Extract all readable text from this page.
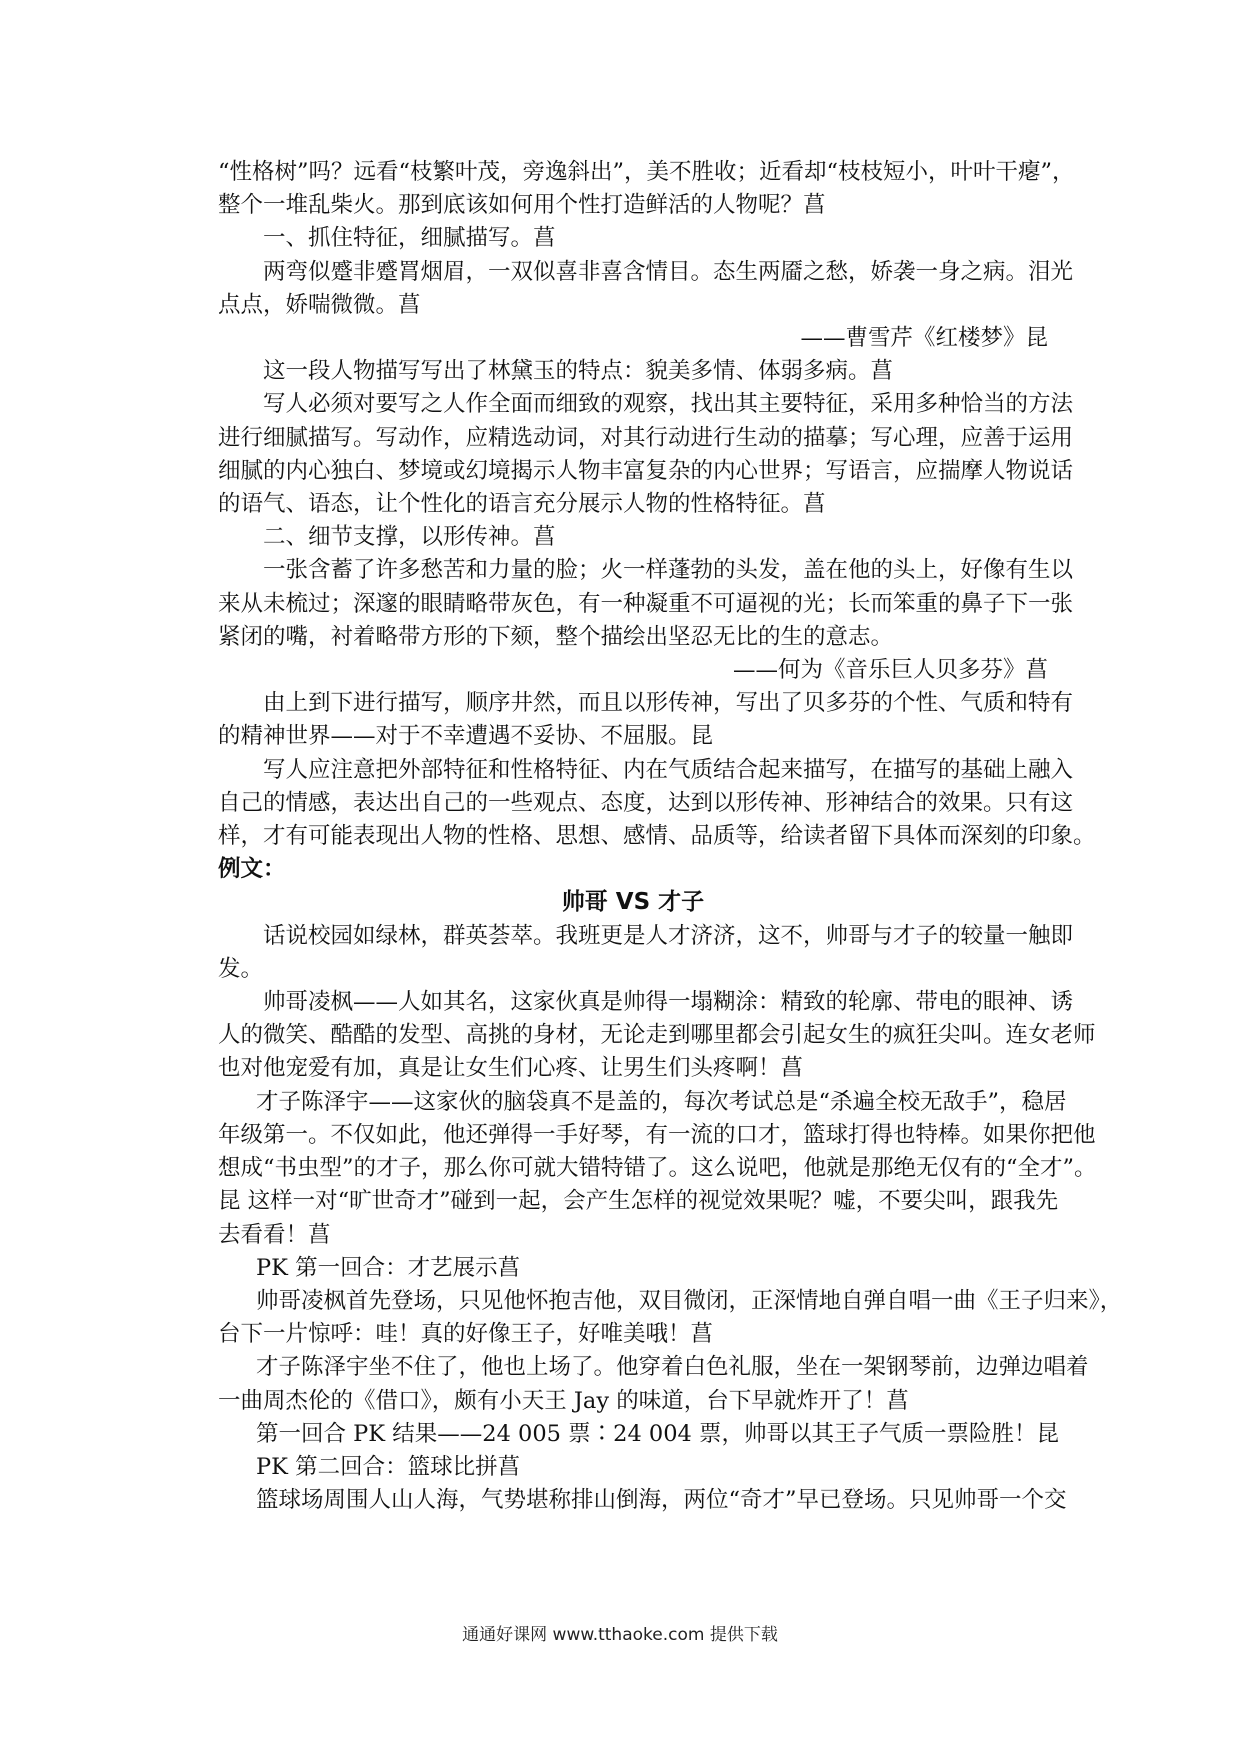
“性格树”吗？远看“枝繁叶茂，旁逸斜出”，美不胜收；近看却“枝枝短小，叶叶干瘪”，
整个一堆乱柴火。那到底该如何用个性打造鲜活的人物呢？菖
一、抓住特征，细腻描写。菖
两弯似蹙非蹙罥烟眉，一双似喜非喜含情目。态生两靥之愁，娇袭一身之病。泪光
点点，娇喘微微。菖
——曹雪芹《红楼梦》昆
这一段人物描写写出了林黛玉的特点：貌美多情、体弱多病。菖
写人必须对要写之人作全面而细致的观察，找出其主要特征，采用多种恰当的方法
进行细腻描写。写动作，应精选动词，对其行动进行生动的描摹；写心理，应善于运用
细腻的内心独白、梦境或幻境揭示人物丰富复杂的内心世界；写语言，应揣摩人物说话
的语气、语态，让个性化的语言充分展示人物的性格特征。菖
二、细节支撑，以形传神。菖
一张含蓄了许多愁苦和力量的脸；火一样蓬勃的头发，盖在他的头上，好像有生以
来从未梳过；深邃的眼睛略带灰色，有一种凝重不可逼视的光；长而笨重的鼻子下一张
紧闭的嘴，衬着略带方形的下颏，整个描绘出坚忍无比的生的意志。
——何为《音乐巨人贝多芬》菖
由上到下进行描写，顺序井然，而且以形传神，写出了贝多芬的个性、气质和特有
的精神世界——对于不幸遭遇不妥协、不屈服。昆
写人应注意把外部特征和性格特征、内在气质结合起来描写，在描写的基础上融入
自己的情感，表达出自己的一些观点、态度，达到以形传神、形神结合的效果。只有这
样，才有可能表现出人物的性格、思想、感情、品质等，给读者留下具体而深刻的印象。
例文：
帅哥 VS 才子
话说校园如绿林，群英荟萃。我班更是人才济济，这不，帅哥与才子的较量一触即
发。
帅哥凌枫——人如其名，这家伙真是帅得一塌糊涂：精致的轮廓、带电的眼神、诱
人的微笑、酷酷的发型、高挑的身材，无论走到哪里都会引起女生的疯狂尖叫。连女老师
也对他宠爱有加，真是让女生们心疼、让男生们头疼啊！菖
才子陈泽宇——这家伙的脑袋真不是盖的，每次考试总是“杀遍全校无敌手”，稳居
年级第一。不仅如此，他还弹得一手好琴，有一流的口才，篮球打得也特棒。如果你把他
想成“书虫型”的才子，那么你可就大错特错了。这么说吧，他就是那绝无仅有的“全才”。
昆 这样一对“旷世奇才”碰到一起，会产生怎样的视觉效果呢？嘘，不要尖叫，跟我先
去看看！菖
PK 第一回合：才艺展示菖
帅哥凌枫首先登场，只见他怀抱吉他，双目微闭，正深情地自弹自唱一曲《王子归来》，
台下一片惊呼：哇！真的好像王子，好唯美哦！菖
才子陈泽宇坐不住了，他也上场了。他穿着白色礼服，坐在一架钢琴前，边弹边唱着
一曲周杰伦的《借口》，颇有小天王 Jay 的味道，台下早就炸开了！菖
第一回合 PK 结果——24 005 票∶24 004 票，帅哥以其王子气质一票险胜！昆
PK 第二回合：篮球比拼菖
篮球场周围人山人海，气势堪称排山倒海，两位“奇才”早已登场。只见帅哥一个交
通通好课网 www.tthaoke.com 提供下载
